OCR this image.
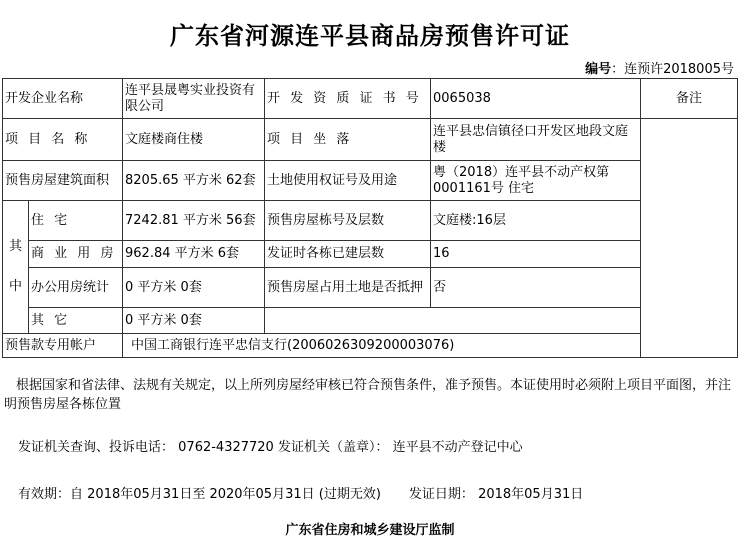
广东省河源连平县商品房预售许可证
编号：连预许2018005号
开发企业名称		连平县晟粤实业投资有限公司	开 发 资 质 证 书 号	0065038	备注
项 目 名 称		文庭楼商住楼	项 目 坐 落	连平县忠信镇径口开发区地段文庭楼	
预售房屋建筑面积		8205.65 平方米 62套	土地使用权证号及用途	粤（2018）连平县不动产权第0001161号 住宅	
其 中	住 宅	7242.81 平方米 56套	预售房屋栋号及层数	文庭楼:16层	
	商 业 用 房	962.84 平方米 6套	发证时各栋已建层数	16	
	办公用房统计	0 平方米 0套	预售房屋占用土地是否抵押	否	
	其 它	0 平方米 0套			
预售款专用帐户		中国工商银行连平忠信支行(2006026309200003076)			
根据国家和省法律、法规有关规定，以上所列房屋经审核已符合预售条件，准予预售。本证使用时必须附上项目平面图，并注明预售房屋各栋位置
发证机关查询、投诉电话： 0762-4327720 发证机关（盖章）： 连平县不动产登记中心
有效期：自 2018年05月31日至 2020年05月31日 (过期无效) 发证日期： 2018年05月31日
广东省住房和城乡建设厅监制
